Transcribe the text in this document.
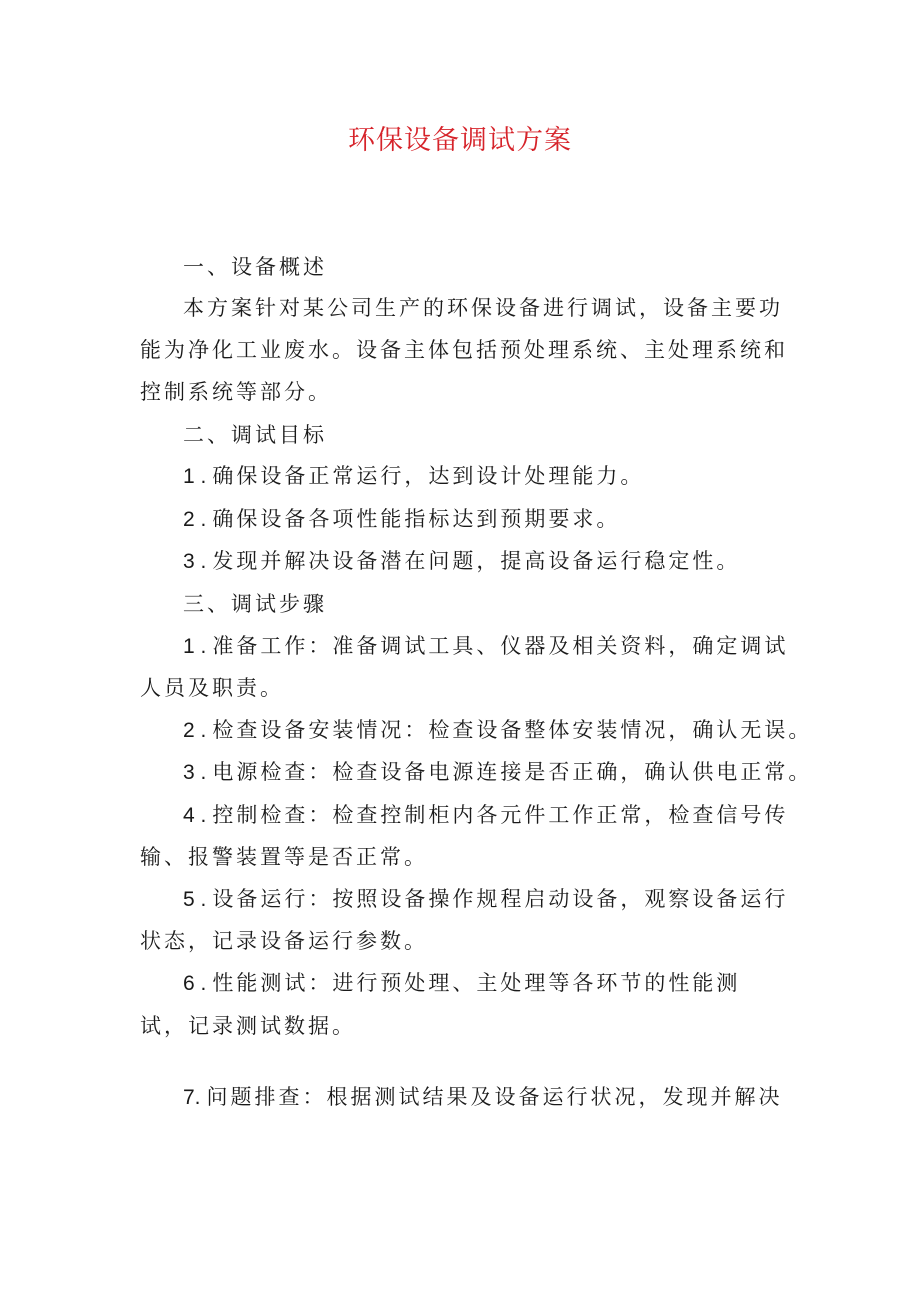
环保设备调试方案
一、设备概述
本方案针对某公司生产的环保设备进行调试，设备主要功
能为净化工业废水。设备主体包括预处理系统、主处理系统和
控制系统等部分。
二、调试目标
1 . 确保设备正常运行，达到设计处理能力。
2 . 确保设备各项性能指标达到预期要求。
3 . 发现并解决设备潜在问题，提高设备运行稳定性。
三、调试步骤
1 . 准备工作：准备调试工具、仪器及相关资料，确定调试
人员及职责。
2 . 检查设备安装情况：检查设备整体安装情况，确认无误。
3 . 电源检查：检查设备电源连接是否正确，确认供电正常。
4 . 控制检查：检查控制柜内各元件工作正常，检查信号传
输、报警装置等是否正常。
5 . 设备运行：按照设备操作规程启动设备，观察设备运行
状态，记录设备运行参数。
6 . 性能测试：进行预处理、主处理等各环节的性能测
试，记录测试数据。
7. 问题排查：根据测试结果及设备运行状况，发现并解决
